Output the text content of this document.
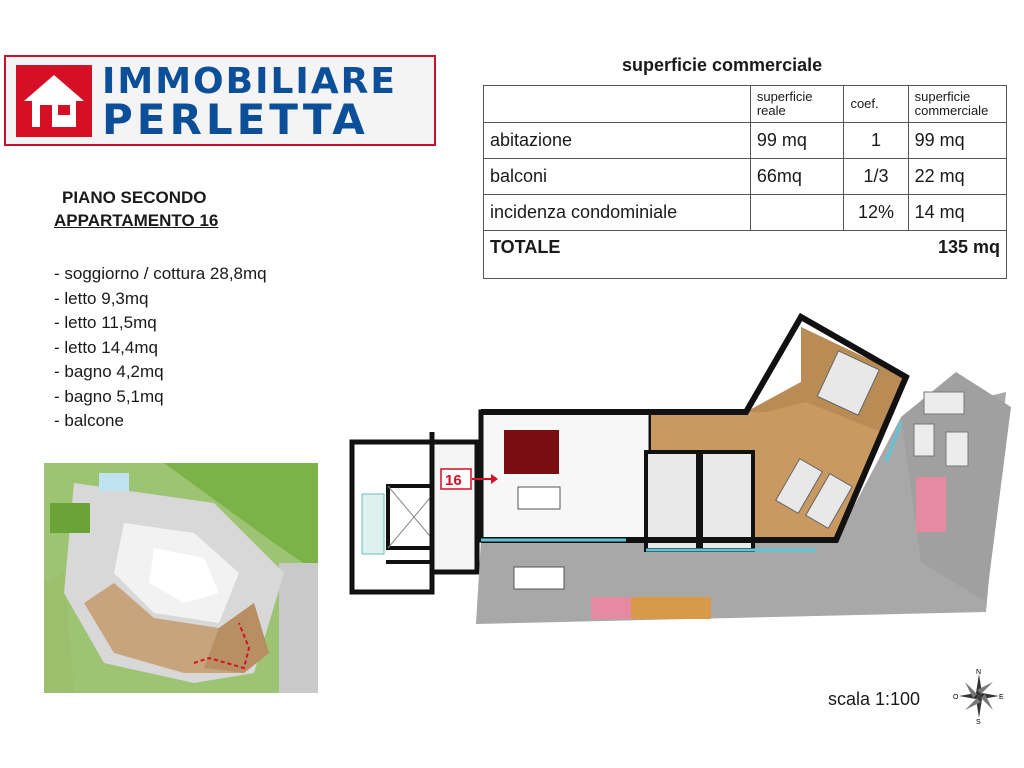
IMMOBILIARE
PERLETTA
PIANO SECONDO
APPARTAMENTO 16
- soggiorno / cottura 28,8mq
- letto 9,3mq
- letto 11,5mq
- letto 14,4mq
- bagno 4,2mq
- bagno 5,1mq
- balcone
superficie commerciale
	superficie reale	coef.	superficie commerciale
abitazione	99 mq	1	99 mq
balconi	66mq	1/3	22 mq
incidenza condominiale		12%	14 mq
TOTALE	135 mq		
16
scala 1:100
N
S
E
O
